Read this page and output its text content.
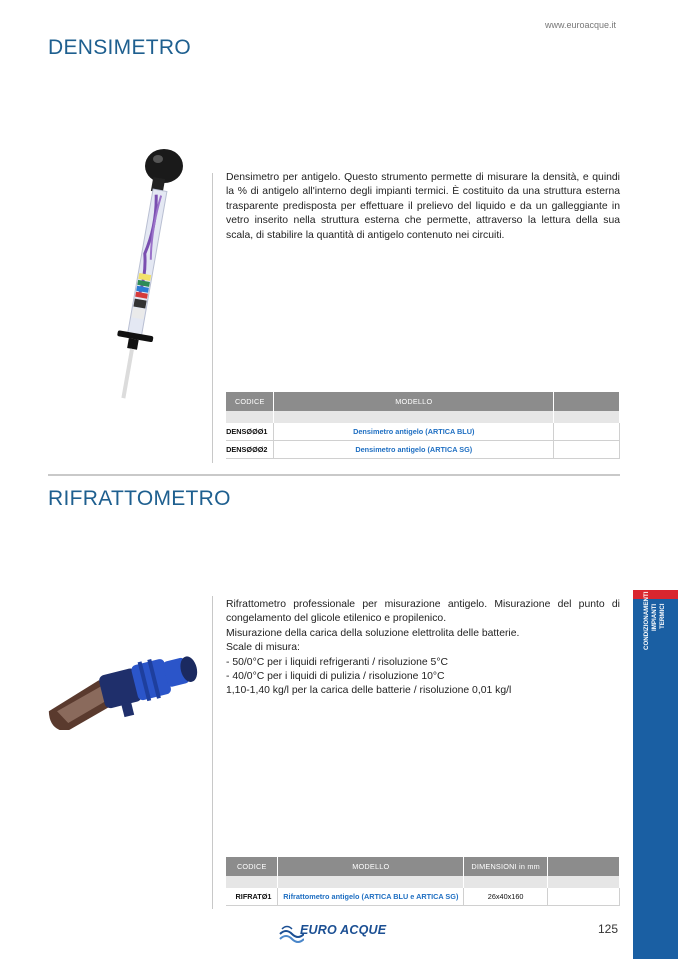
www.euroacque.it
DENSIMETRO

Densimetro per antigelo. Questo strumento permette di misurare la densità, e quindi la % di antigelo all'interno degli impianti termici. È costituito da una struttura esterna trasparente predisposta per effettuare il prelievo del liquido e da un galleggiante in vetro inserito nella struttura esterna che permette, attraverso la lettura della sua scala, di stabilire la quantità di antigelo contenuto nei circuiti.

CODICE	MODELLO	

DENSØØØ1	Densimetro antigelo (ARTICA BLU)	
DENSØØØ2	Densimetro antigelo (ARTICA SG)	
RIFRATTOMETRO
Rifrattometro professionale per misurazione antigelo. Misurazione del punto di congelamento del glicole etilenico e propilenico.
Misurazione della carica della soluzione elettrolita delle batterie.
Scale di misura:
- 50/0°C per i liquidi refrigeranti / risoluzione 5°C
- 40/0°C per i liquidi di pulizia / risoluzione 10°C
1,10-1,40 kg/l per la carica delle batterie / risoluzione 0,01 kg/l
CODICE	MODELLO	DIMENSIONI in mm	

RIFRATØ1	Rifrattometro antigelo (ARTICA BLU e ARTICA SG)	26x40x160	
CONDIZIONAMENTI
IMPIANTI TERMICI
EURO ACQUE	125
